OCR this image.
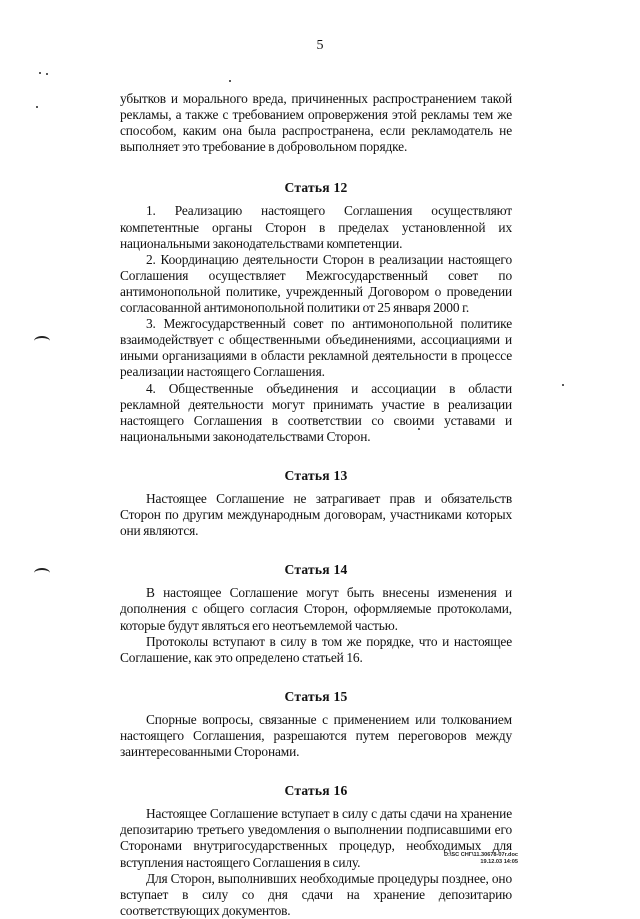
5

убытков и морального вреда, причиненных распространением такой рекламы, а также с требованием опровержения этой рекламы тем же способом, каким она была распространена, если рекламодатель не выполняет это требование в добровольном порядке.

Статья 12

1. Реализацию настоящего Соглашения осуществляют компетентные органы Сторон в пределах установленной их национальными законодательствами компетенции.

2. Координацию деятельности Сторон в реализации настоящего Соглашения осуществляет Межгосударственный совет по антимонопольной политике, учрежденный Договором о проведении согласованной антимонопольной политики от 25 января 2000 г.

3. Межгосударственный совет по антимонопольной политике взаимодействует с общественными объединениями, ассоциациями и иными организациями в области рекламной деятельности в процессе реализации настоящего Соглашения.

4. Общественные объединения и ассоциации в области рекламной деятельности могут принимать участие в реализации настоящего Соглашения в соответствии со своими уставами и национальными законодательствами Сторон.

Статья 13

Настоящее Соглашение не затрагивает прав и обязательств Сторон по другим международным договорам, участниками которых они являются.

Статья 14

В настоящее Соглашение могут быть внесены изменения и дополнения с общего согласия Сторон, оформляемые протоколами, которые будут являться его неотъемлемой частью.

Протоколы вступают в силу в том же порядке, что и настоящее Соглашение, как это определено статьей 16.

Статья 15

Спорные вопросы, связанные с применением или толкованием настоящего Соглашения, разрешаются путем переговоров между заинтересованными Сторонами.

Статья 16

Настоящее Соглашение вступает в силу с даты сдачи на хранение депозитарию третьего уведомления о выполнении подписавшими его Сторонами внутригосударственных процедур, необходимых для вступления настоящего Соглашения в силу.

Для Сторон, выполнивших необходимые процедуры позднее, оно вступает в силу со дня сдачи на хранение депозитарию соответствующих документов.

D:\SC CHГ\11.30678-07r.doc
19.12.03 14:05
